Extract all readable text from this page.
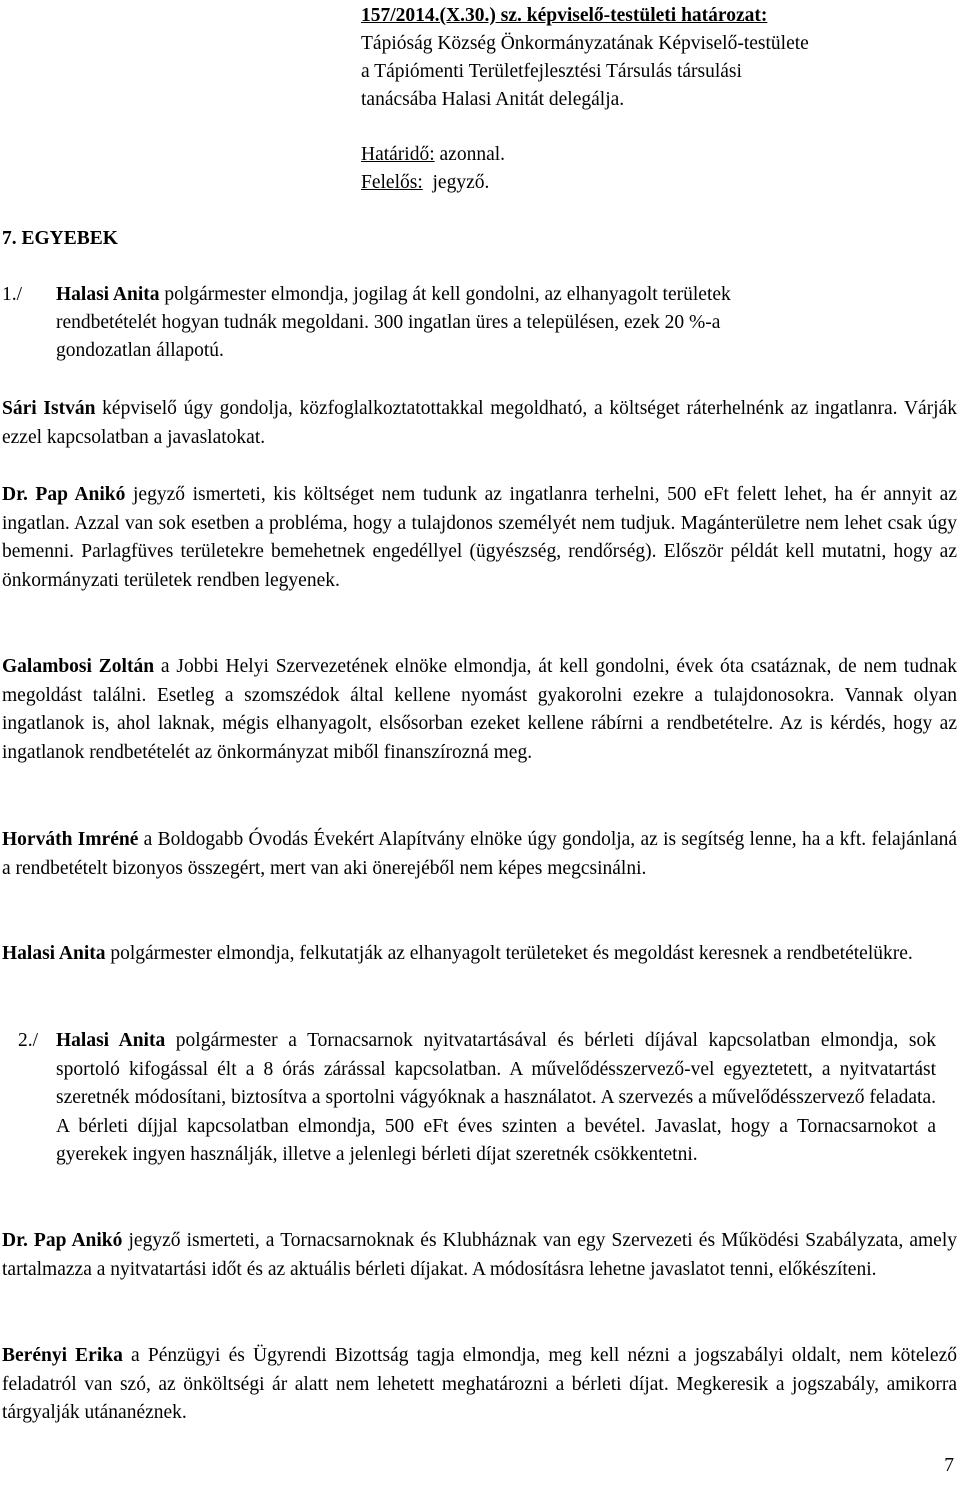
157/2014.(X.30.) sz. képviselő-testületi határozat:
Tápióság Község Önkormányzatának Képviselő-testülete
a Tápiómenti Területfejlesztési Társulás társulási
tanácsába Halasi Anitát delegálja.
Határidő: azonnal.
Felelős:  jegyző.
7. EGYEBEK
1./ Halasi Anita polgármester elmondja, jogilag át kell gondolni, az elhanyagolt területek
rendbetételét hogyan tudnák megoldani. 300 ingatlan üres a településen, ezek 20 %-a
gondozatlan állapotú.

Sári István képviselő úgy gondolja, közfoglalkoztatottakkal megoldható, a költséget ráterhelnénk az ingatlanra. Várják ezzel kapcsolatban a javaslatokat.

Dr. Pap Anikó jegyző ismerteti, kis költséget nem tudunk az ingatlanra terhelni, 500 eFt felett lehet, ha ér annyit az ingatlan. Azzal van sok esetben a probléma, hogy a tulajdonos személyét nem tudjuk. Magánterületre nem lehet csak úgy bemenni. Parlagfüves területekre bemehetnek engedéllyel (ügyészség, rendőrség). Először példát kell mutatni, hogy az önkormányzati területek rendben legyenek.

Galambosi Zoltán a Jobbi Helyi Szervezetének elnöke elmondja, át kell gondolni, évek óta csatáznak, de nem tudnak megoldást találni. Esetleg a szomszédok által kellene nyomást gyakorolni ezekre a tulajdonosokra. Vannak olyan ingatlanok is, ahol laknak, mégis elhanyagolt, elsősorban ezeket kellene rábírni a rendbetételre. Az is kérdés, hogy az ingatlanok rendbetételét az önkormányzat miből finanszírozná meg.

Horváth Imréné a Boldogabb Óvodás Évekért Alapítvány elnöke úgy gondolja, az is segítség lenne, ha a kft. felajánlaná a rendbetételt bizonyos összegért, mert van aki önerejéből nem képes megcsinálni.

Halasi Anita polgármester elmondja, felkutatják az elhanyagolt területeket és megoldást keresnek a rendbetételükre.

2./ Halasi Anita polgármester a Tornacsarnok nyitvatartásával és bérleti díjával kapcsolatban elmondja, sok sportoló kifogással élt a 8 órás zárással kapcsolatban. A művelődésszervező-vel egyeztetett, a nyitvatartást szeretnék módosítani, biztosítva a sportolni vágyóknak a használatot. A szervezés a művelődésszervező feladata. A bérleti díjjal kapcsolatban elmondja, 500 eFt éves szinten a bevétel. Javaslat, hogy a Tornacsarnokot a gyerekek ingyen használják, illetve a jelenlegi bérleti díjat szeretnék csökkentetni.

Dr. Pap Anikó jegyző ismerteti, a Tornacsarnoknak és Klubháznak van egy Szervezeti és Működési Szabályzata, amely tartalmazza a nyitvatartási időt és az aktuális bérleti díjakat. A módosításra lehetne javaslatot tenni, előkészíteni.

Berényi Erika a Pénzügyi és Ügyrendi Bizottság tagja elmondja, meg kell nézni a jogszabályi oldalt, nem kötelező feladatról van szó, az önköltségi ár alatt nem lehetett meghatározni a bérleti díjat. Megkeresik a jogszabály, amikorra tárgyalják utánanéznek.

7
